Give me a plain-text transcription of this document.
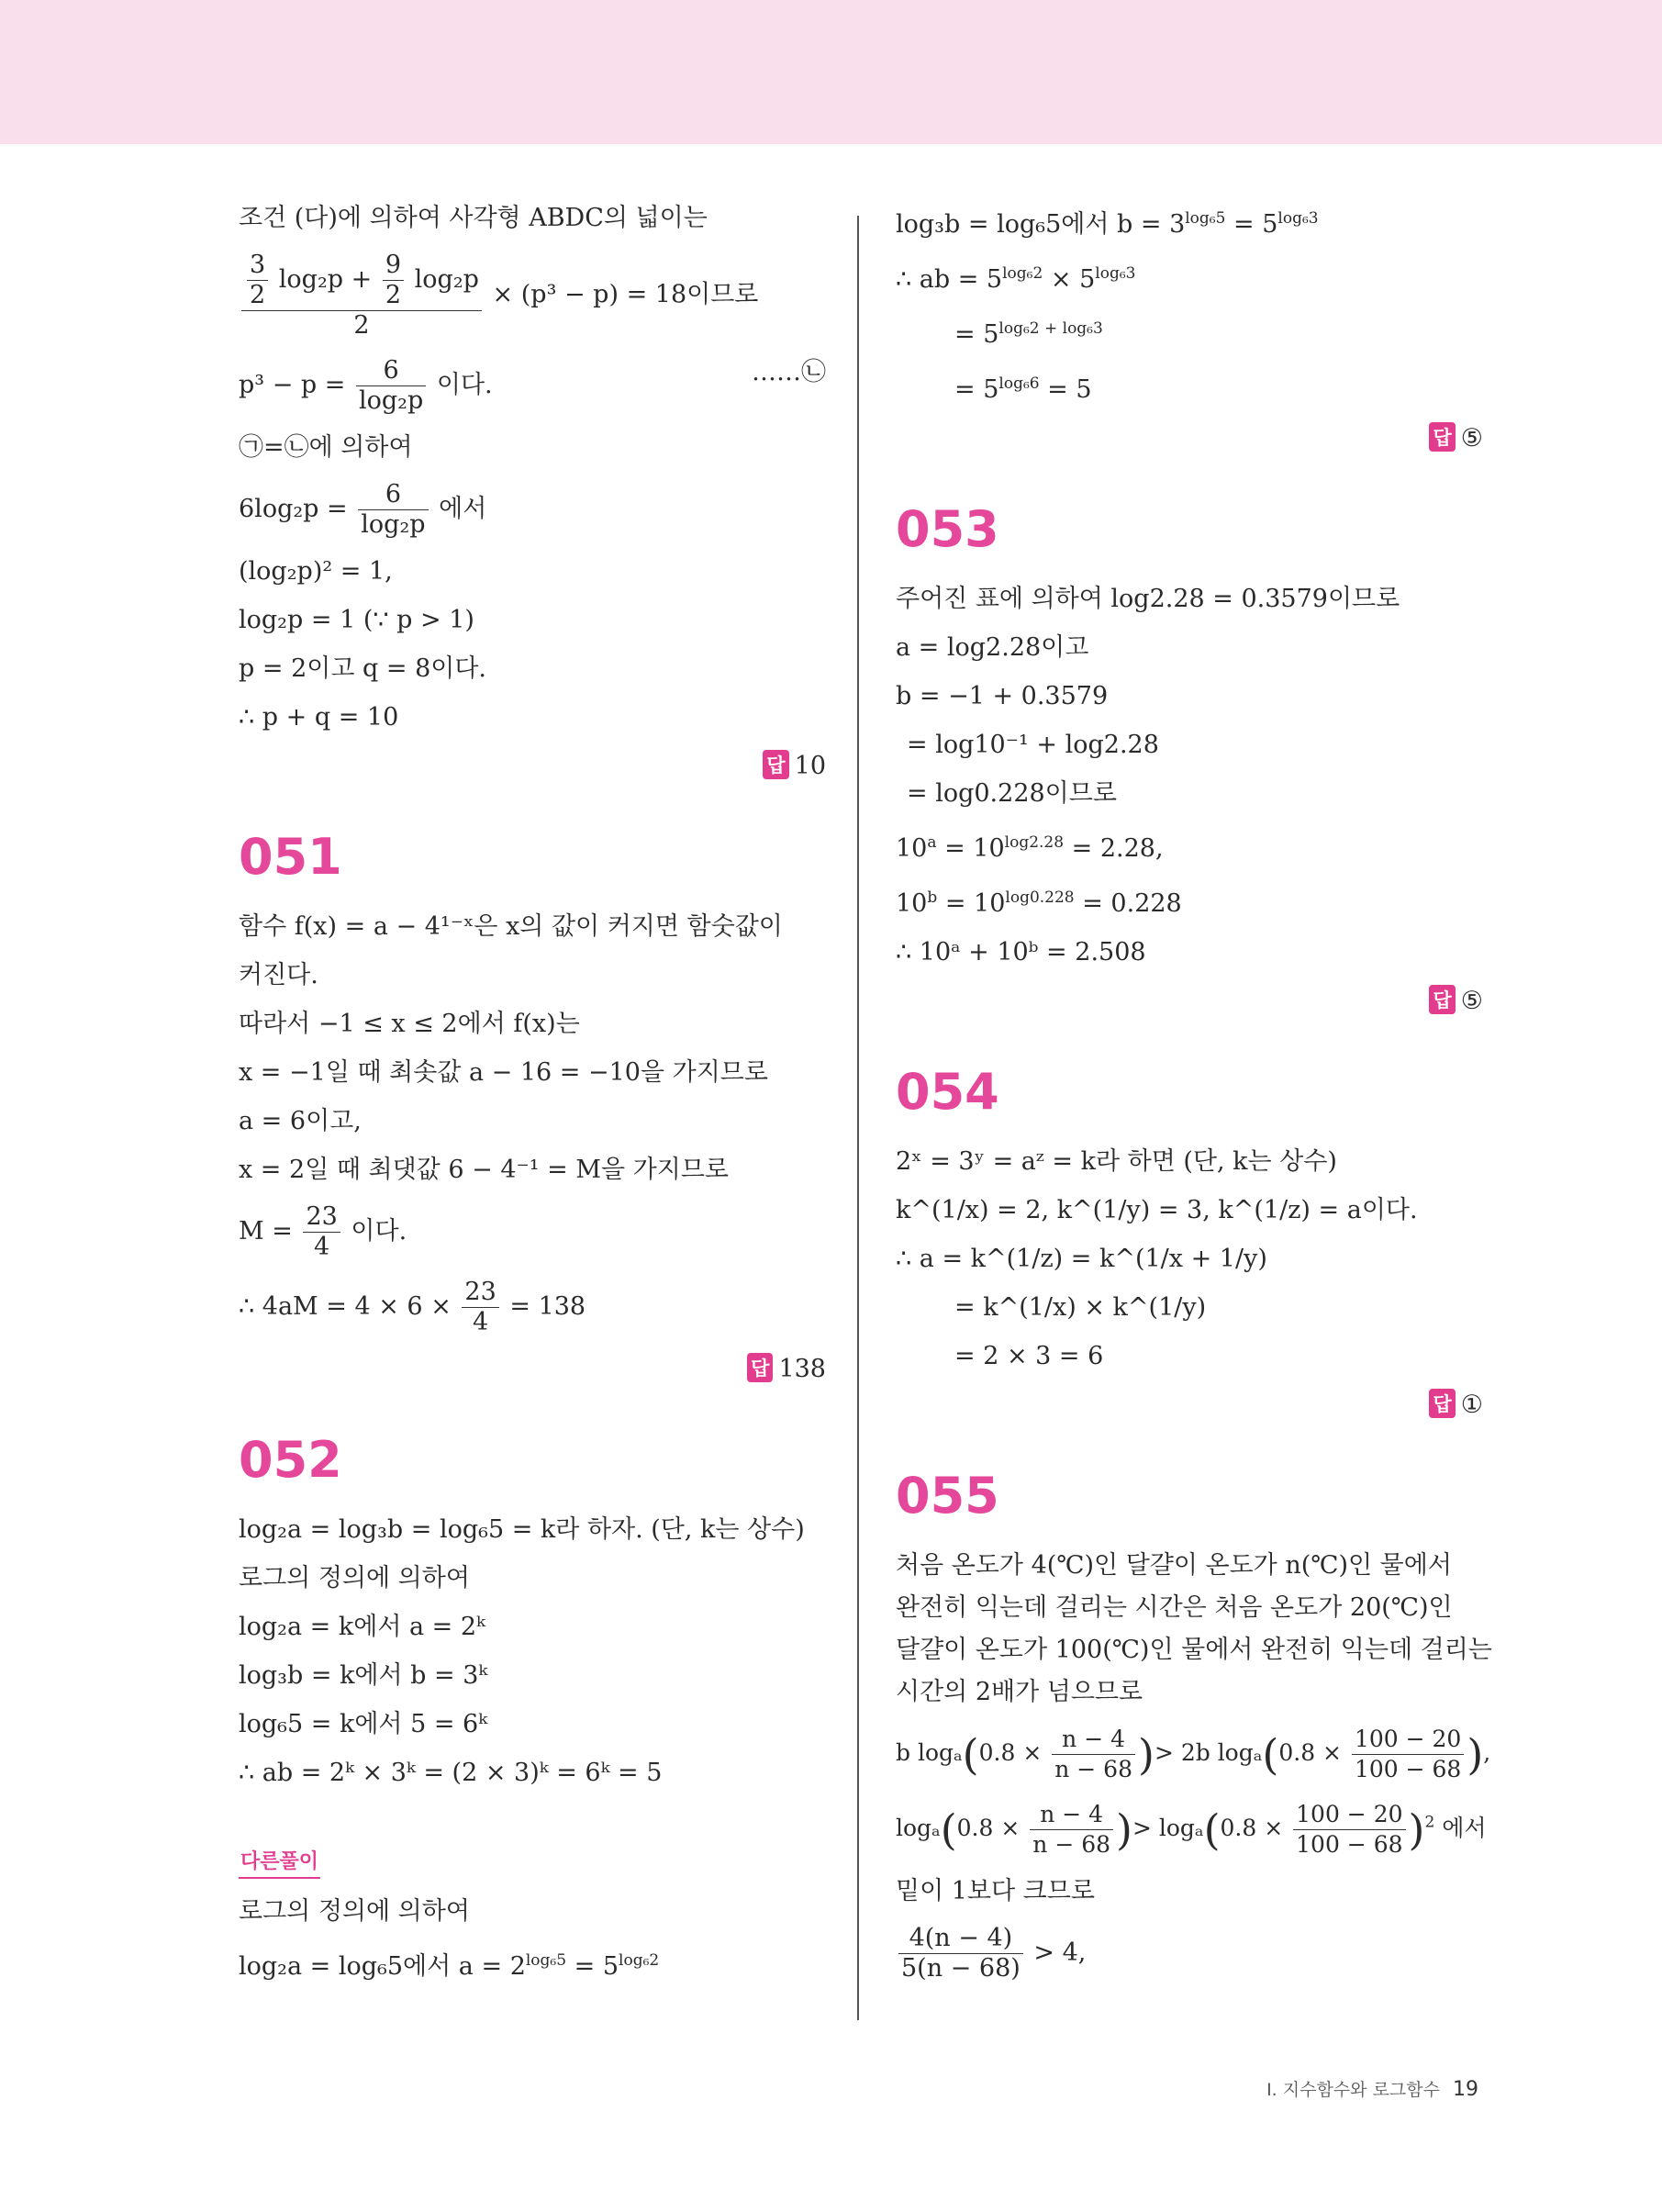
조건 (다)에 의하여 사각형 ABDC의 넓이는
$\frac{\frac{3}{2} \log_2p + \frac{9}{2} \log_2p}{2} \times (p^3 - p) = 18$이므로
$p^3 - p = \frac{6}{\text{log₂p}}$ 이다.	……㉡
㉠=㉡에 의하여
$6\log_2p = \frac{6}{\text{log₂p}}$ 에서
(log₂p)² = 1,
log₂p = 1 (∵ p > 1)
p = 2이고 q = 8이다.
∴ p + q = 10
답 10
051
함수 f(x) = a − 4¹⁻ˣ은 x의 값이 커지면 함숫값이
커진다.
따라서 −1 ≤ x ≤ 2에서 f(x)는
x = −1일 때 최솟값 a − 16 = −10을 가지므로
a = 6이고,
x = 2일 때 최댓값 6 − 4⁻¹ = M을 가지므로
$M = \frac{23}{4}$ 이다.
∴ $4aM = 4 \times 6 \times \frac{23}{4} = 138$
답 138
052
log₂a = log₃b = log₆5 = k라 하자. (단, k는 상수)
로그의 정의에 의하여
log₂a = k에서 a = 2ᵏ
log₃b = k에서 b = 3ᵏ
log₆5 = k에서 5 = 6ᵏ
∴ ab = 2ᵏ × 3ᵏ = (2 × 3)ᵏ = 6ᵏ = 5
다른풀이
로그의 정의에 의하여
log₂a = log₆5에서 $a = 2^{log_65} = 5^{log_62}$
log₃b = log₆5에서 $b = 3^{log_65} = 5^{log_63}$
∴ ab = $5^{log_62} \times 5^{log_63}$
= $5^{log_62 + log_63}$
= $5^{log_66} = 5$
답 ⑤
053
주어진 표에 의하여 log2.28 = 0.3579이므로
a = log2.28이고
b = −1 + 0.3579
= log10⁻¹ + log2.28
= log0.228이므로
$10^a = 10^{log2.28} = 2.28$,
$10^b = 10^{log0.228} = 0.228$
∴ 10ᵃ + 10ᵇ = 2.508
답 ⑤
054
2ˣ = 3ʸ = aᶻ = k라 하면 (단, k는 상수)
k^(1/x) = 2, k^(1/y) = 3, k^(1/z) = a이다.
∴ a = k^(1/z) = k^(1/x + 1/y)
= k^(1/x) × k^(1/y)
= 2 × 3 = 6
답 ①
055
처음 온도가 4(℃)인 달걀이 온도가 n(℃)인 물에서
완전히 익는데 걸리는 시간은 처음 온도가 20(℃)인
달걀이 온도가 100(℃)인 물에서 완전히 익는데 걸리는
시간의 2배가 넘으므로
b $\log_a(0.8 \times \frac{n - 4}{n - 68}$ )> 2b $\log_a(0.8 \times \frac{100 - 20}{100 - 68}$ ),
$\log_a(0.8 \times \frac{n - 4}{n - 68}$ )> $\log_a(0.8 \times \frac{100 - 20}{100 - 68} )^2$ 에서
밑이 1보다 크므로
$\frac{4(n - 4)}{5(n - 68)} > 4$,
Ⅰ. 지수함수와 로그함수 19
